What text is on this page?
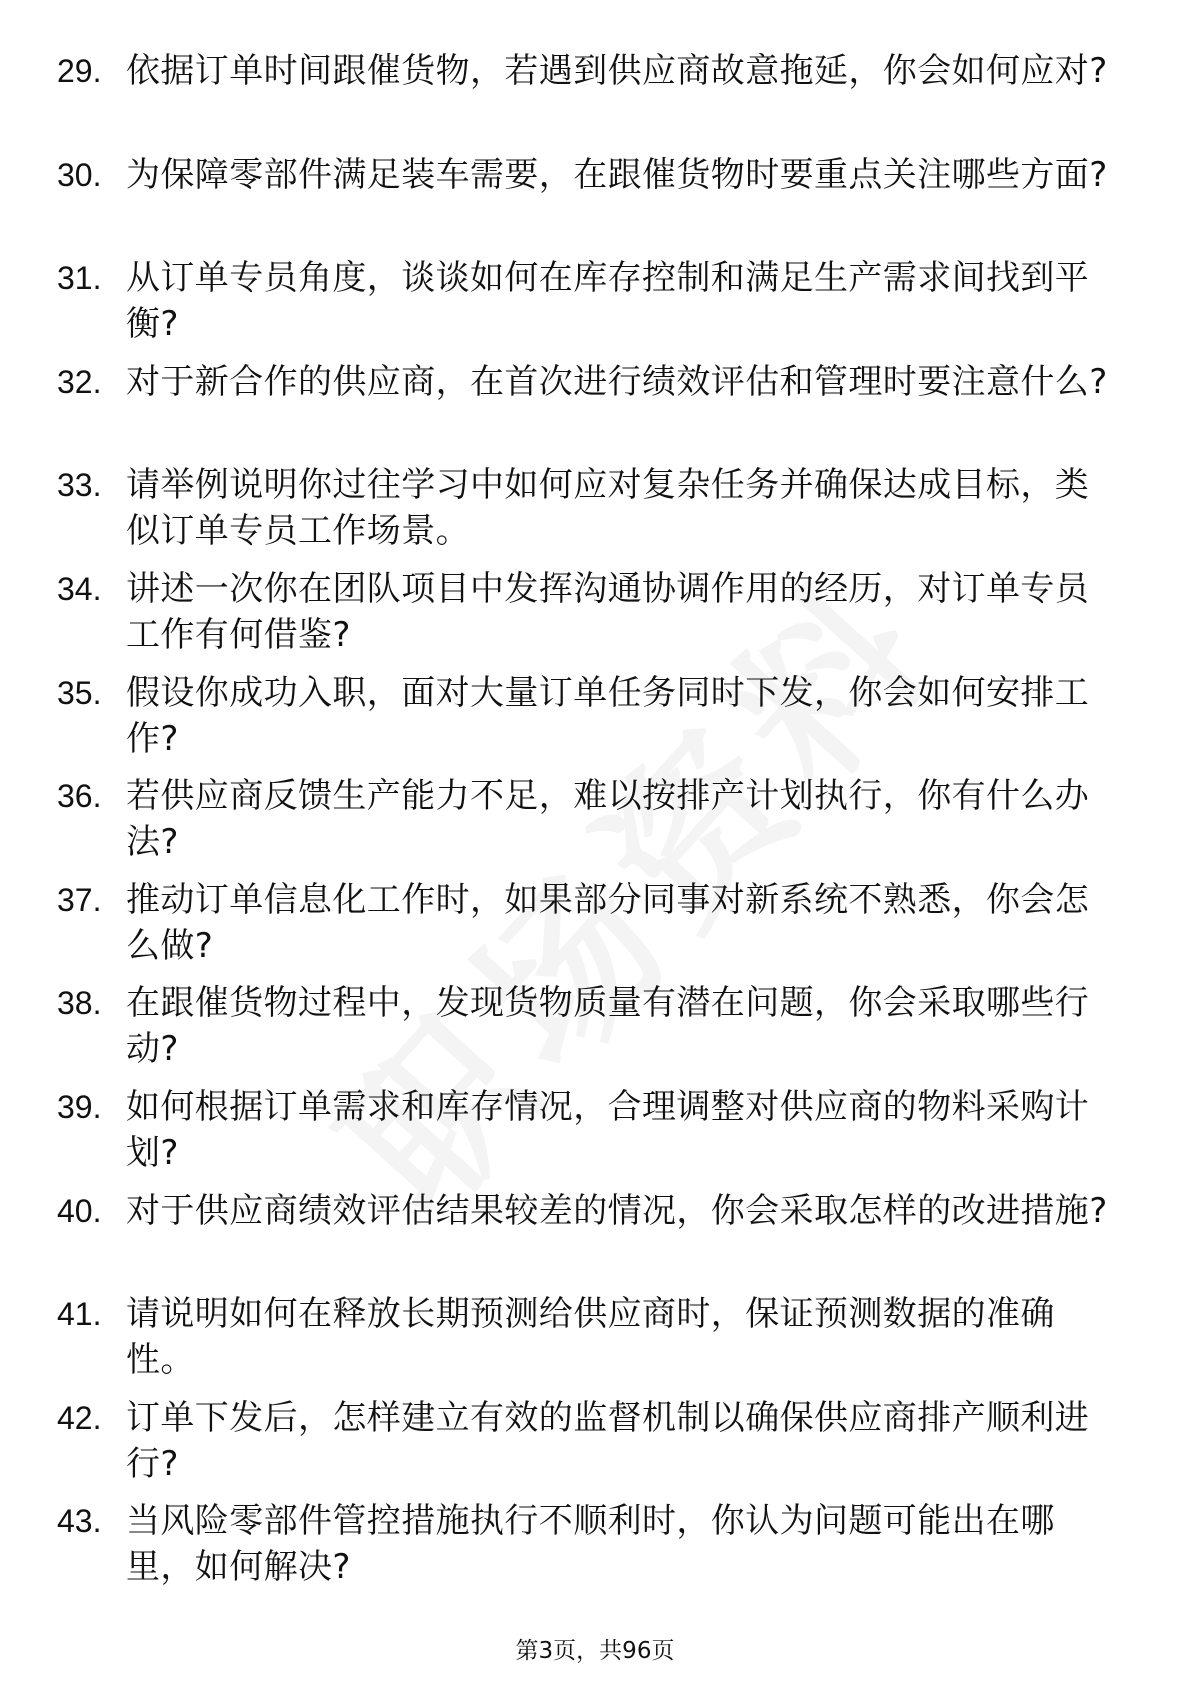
29. 依据订单时间跟催货物，若遇到供应商故意拖延，你会如何应对?
30. 为保障零部件满足装车需要，在跟催货物时要重点关注哪些方面?
31. 从订单专员角度，谈谈如何在库存控制和满足生产需求间找到平衡?
32. 对于新合作的供应商，在首次进行绩效评估和管理时要注意什么?
33. 请举例说明你过往学习中如何应对复杂任务并确保达成目标，类似订单专员工作场景。
34. 讲述一次你在团队项目中发挥沟通协调作用的经历，对订单专员工作有何借鉴?
35. 假设你成功入职，面对大量订单任务同时下发，你会如何安排工作?
36. 若供应商反馈生产能力不足，难以按排产计划执行，你有什么办法?
37. 推动订单信息化工作时，如果部分同事对新系统不熟悉，你会怎么做?
38. 在跟催货物过程中，发现货物质量有潜在问题，你会采取哪些行动?
39. 如何根据订单需求和库存情况，合理调整对供应商的物料采购计划?
40. 对于供应商绩效评估结果较差的情况，你会采取怎样的改进措施?
41. 请说明如何在释放长期预测给供应商时，保证预测数据的准确性。
42. 订单下发后，怎样建立有效的监督机制以确保供应商排产顺利进行?
43. 当风险零部件管控措施执行不顺利时，你认为问题可能出在哪里，如何解决?
第3页，共96页
